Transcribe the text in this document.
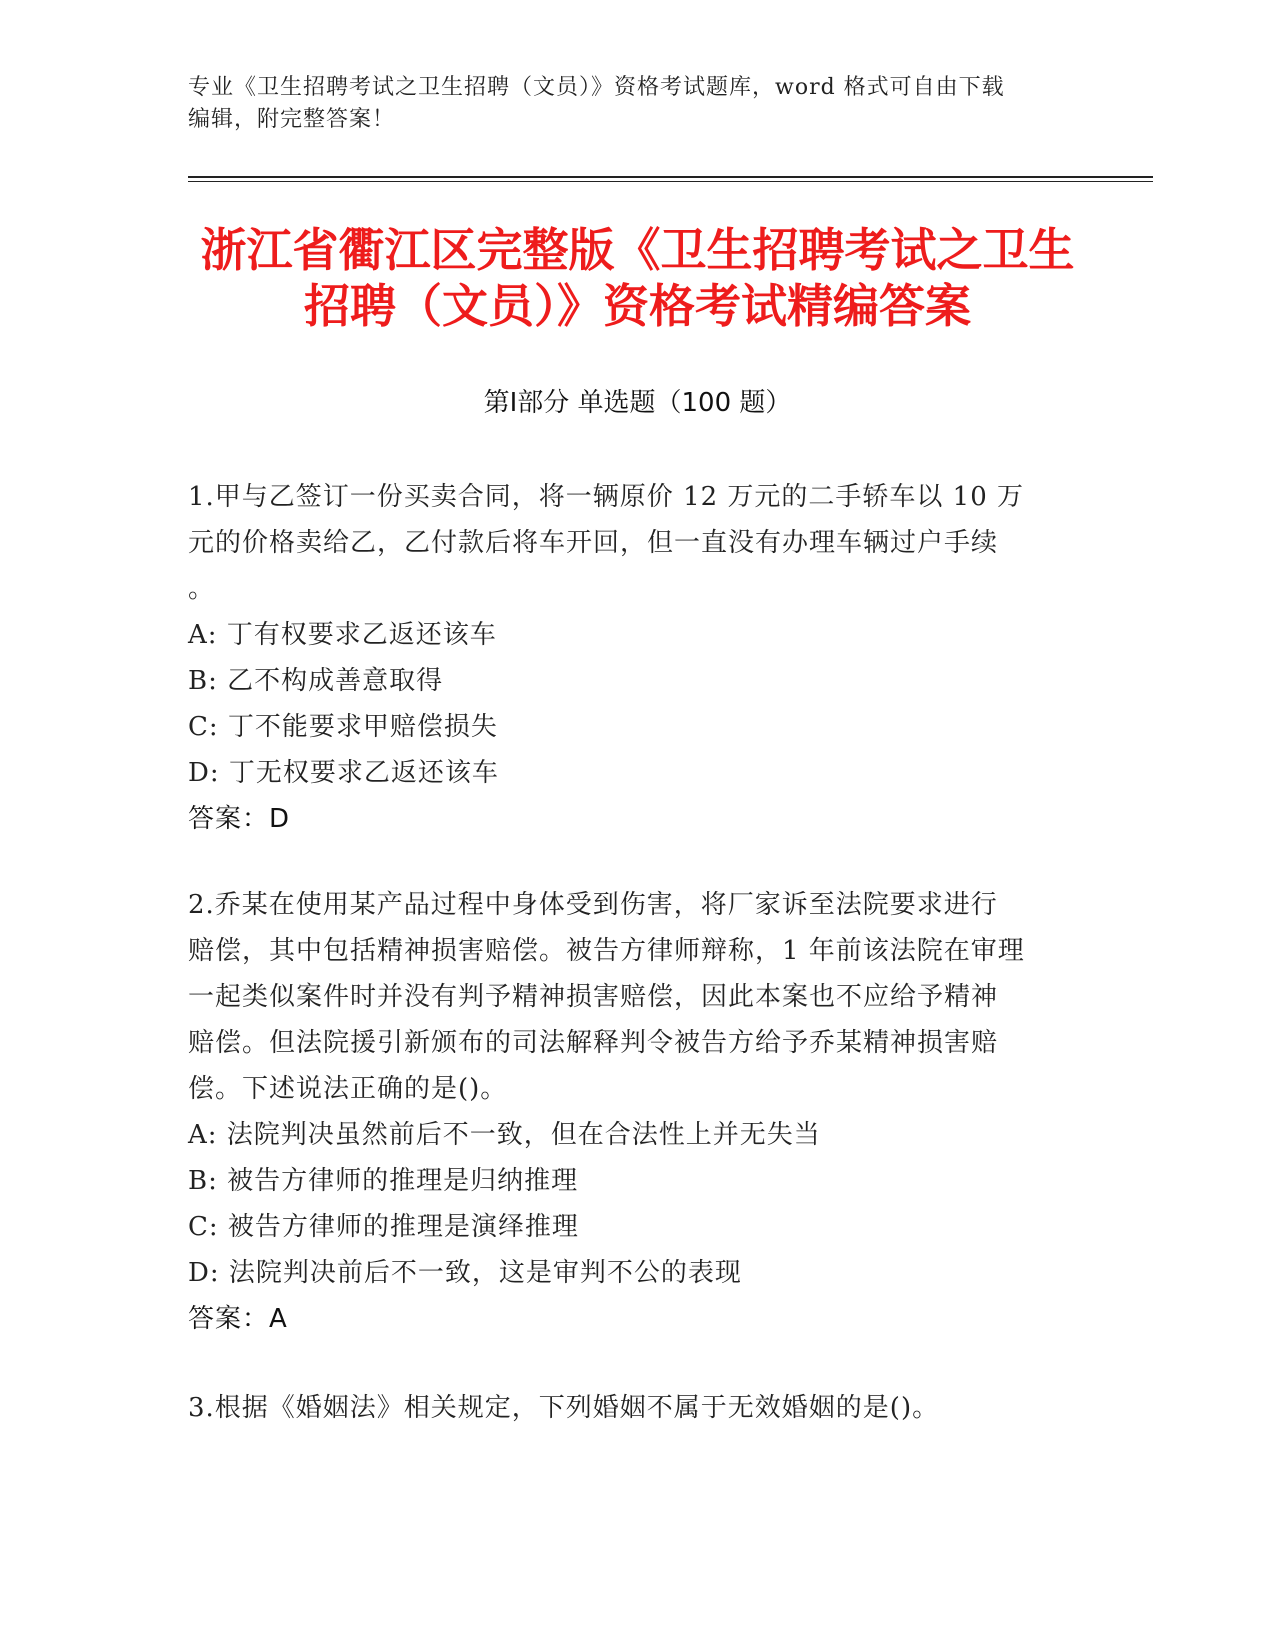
专业《卫生招聘考试之卫生招聘（文员）》资格考试题库，word 格式可自由下载
编辑，附完整答案！
浙江省衢江区完整版《卫生招聘考试之卫生
招聘（文员）》资格考试精编答案
第Ⅰ部分 单选题（100 题）

1.甲与乙签订一份买卖合同，将一辆原价 12 万元的二手轿车以 10 万

元的价格卖给乙，乙付款后将车开回，但一直没有办理车辆过户手续

。

A: 丁有权要求乙返还该车

B: 乙不构成善意取得

C: 丁不能要求甲赔偿损失

D: 丁无权要求乙返还该车

答案：D

2.乔某在使用某产品过程中身体受到伤害，将厂家诉至法院要求进行

赔偿，其中包括精神损害赔偿。被告方律师辩称，1 年前该法院在审理

一起类似案件时并没有判予精神损害赔偿，因此本案也不应给予精神

赔偿。但法院援引新颁布的司法解释判令被告方给予乔某精神损害赔

偿。下述说法正确的是()。

A: 法院判决虽然前后不一致，但在合法性上并无失当

B: 被告方律师的推理是归纳推理

C: 被告方律师的推理是演绎推理

D: 法院判决前后不一致，这是审判不公的表现

答案：A

3.根据《婚姻法》相关规定，下列婚姻不属于无效婚姻的是()。
